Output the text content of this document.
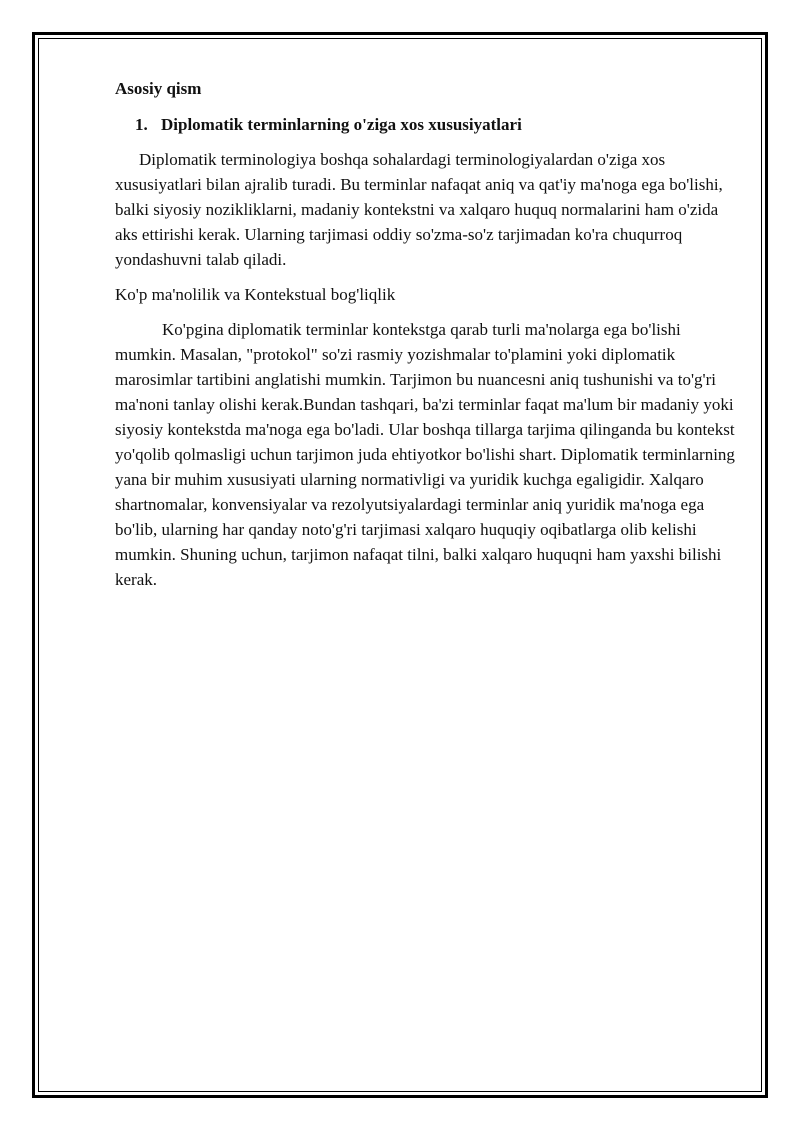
Asosiy qism

1. Diplomatik terminlarning o'ziga xos xususiyatlari

Diplomatik terminologiya boshqa sohalardagi terminologiyalardan o'ziga xos xususiyatlari bilan ajralib turadi. Bu terminlar nafaqat aniq va qat'iy ma'noga ega bo'lishi, balki siyosiy nozikliklarni, madaniy kontekstni va xalqaro huquq normalarini ham o'zida aks ettirishi kerak. Ularning tarjimasi oddiy so'zma-so'z tarjimadan ko'ra chuqurroq yondashuvni talab qiladi.

Ko'p ma'nolilik va Kontekstual bog'liqlik

Ko'pgina diplomatik terminlar kontekstga qarab turli ma'nolarga ega bo'lishi mumkin. Masalan, "protokol" so'zi rasmiy yozishmalar to'plamini yoki diplomatik marosimlar tartibini anglatishi mumkin. Tarjimon bu nuancesni aniq tushunishi va to'g'ri ma'noni tanlay olishi kerak.Bundan tashqari, ba'zi terminlar faqat ma'lum bir madaniy yoki siyosiy kontekstda ma'noga ega bo'ladi. Ular boshqa tillarga tarjima qilinganda bu kontekst yo'qolib qolmasligi uchun tarjimon juda ehtiyotkor bo'lishi shart. Diplomatik terminlarning yana bir muhim xususiyati ularning normativligi va yuridik kuchga egaligidir. Xalqaro shartnomalar, konvensiyalar va rezolyutsiyalardagi terminlar aniq yuridik ma'noga ega bo'lib, ularning har qanday noto'g'ri tarjimasi xalqaro huquqiy oqibatlarga olib kelishi mumkin. Shuning uchun, tarjimon nafaqat tilni, balki xalqaro huquqni ham yaxshi bilishi kerak.
